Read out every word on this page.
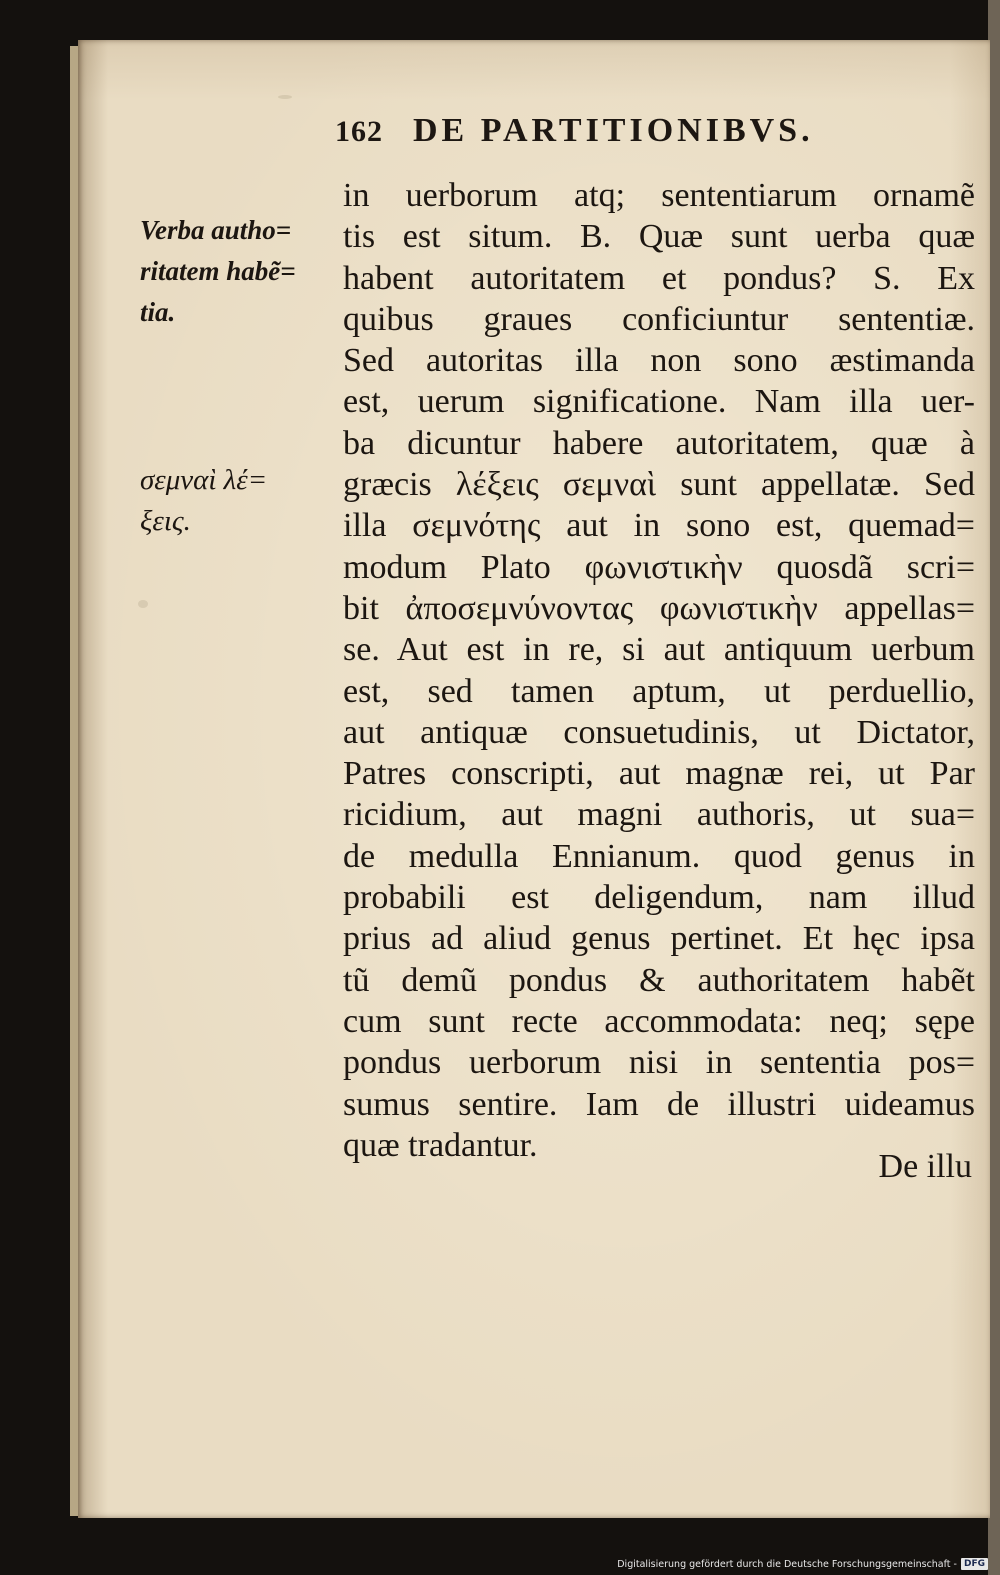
162 DE PARTITIONIBVS.
Verba autho=
ritatem habẽ=
tia.
σεμναὶ λέ=
ξεις.
in uerborum atq; sententiarum ornamẽ
tis est situm. B. Quæ sunt uerba quæ
habent autoritatem et pondus? S. Ex
quibus graues conficiuntur sententiæ.
Sed autoritas illa non sono æstimanda
est, uerum significatione. Nam illa uer-
ba dicuntur habere autoritatem, quæ à
græcis λέξεις σεμναὶ sunt appellatæ. Sed
illa σεμνότης aut in sono est, quemad=
modum Plato φωνιστικὴν quosdã scri=
bit ἀποσεμνύνοντας φωνιστικὴν appellas=
se. Aut est in re, si aut antiquum uerbum
est, sed tamen aptum, ut perduellio,
aut antiquæ consuetudinis, ut Dictator,
Patres conscripti, aut magnæ rei, ut Par
ricidium, aut magni authoris, ut sua=
de medulla Ennianum. quod genus in
probabili est deligendum, nam illud
prius ad aliud genus pertinet. Et hęc ipsa
tũ demũ pondus & authoritatem habẽt
cum sunt recte accommodata: neq; sępe
pondus uerborum nisi in sententia pos=
sumus sentire. Iam de illustri uideamus
quæ tradantur.
De illu
Digitalisierung gefördert durch die Deutsche Forschungsgemeinschaft - DFG
